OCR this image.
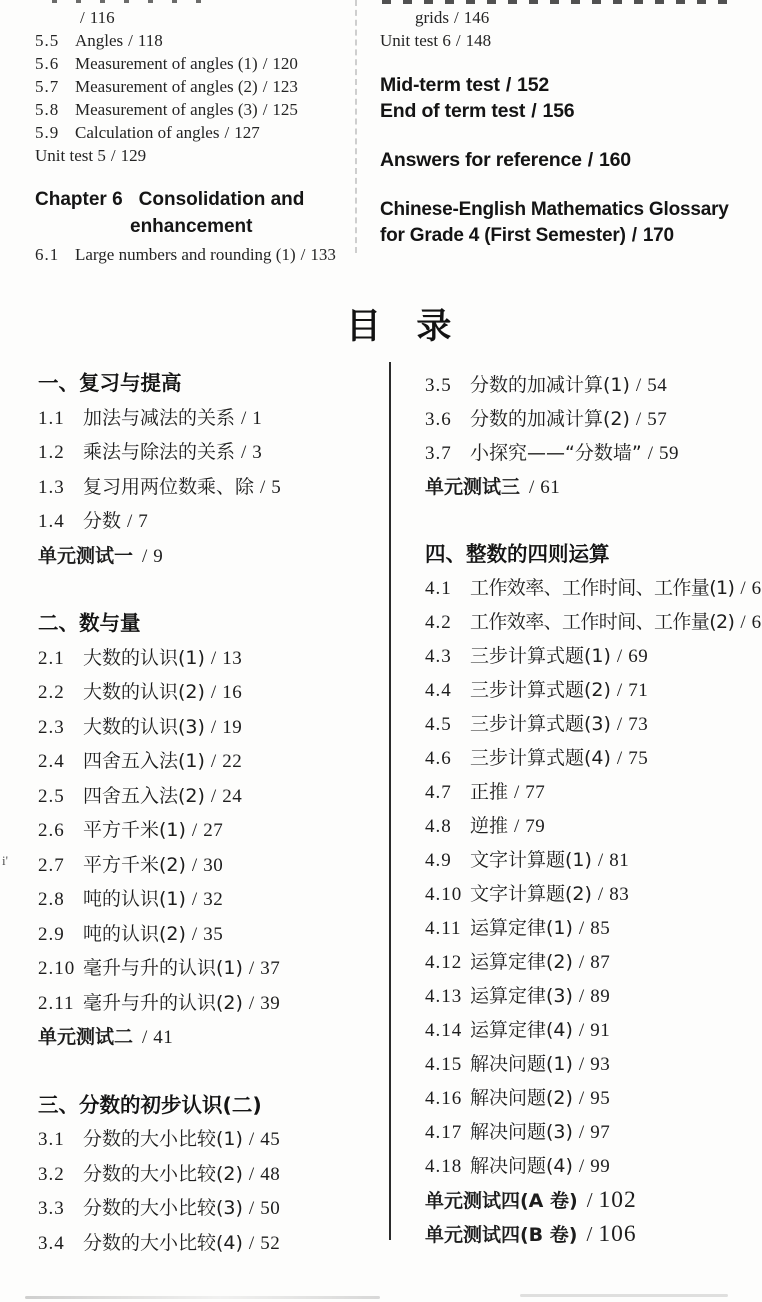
/ 116
5.5 Angles / 118
5.6 Measurement of angles (1) / 120
5.7 Measurement of angles (2) / 123
5.8 Measurement of angles (3) / 125
5.9 Calculation of angles / 127
Unit test 5 / 129
Chapter 6 Consolidation and
enhancement
6.1 Large numbers and rounding (1) / 133
grids / 146
Unit test 6 / 148
Mid-term test / 152
End of term test / 156
Answers for reference / 160
Chinese-English Mathematics Glossary
for Grade 4 (First Semester) / 170
目  录
一、复习与提高
1.1 加法与减法的关系 / 1
1.2 乘法与除法的关系 / 3
1.3 复习用两位数乘、除 / 5
1.4 分数 / 7
单元测试一 / 9
二、数与量
2.1 大数的认识(1) / 13
2.2 大数的认识(2) / 16
2.3 大数的认识(3) / 19
2.4 四舍五入法(1) / 22
2.5 四舍五入法(2) / 24
2.6 平方千米(1) / 27
2.7 平方千米(2) / 30
2.8 吨的认识(1) / 32
2.9 吨的认识(2) / 35
2.10 毫升与升的认识(1) / 37
2.11 毫升与升的认识(2) / 39
单元测试二 / 41
三、分数的初步认识(二)
3.1 分数的大小比较(1) / 45
3.2 分数的大小比较(2) / 48
3.3 分数的大小比较(3) / 50
3.4 分数的大小比较(4) / 52
3.5 分数的加减计算(1) / 54
3.6 分数的加减计算(2) / 57
3.7 小探究——“分数墙” / 59
单元测试三 / 61
四、整数的四则运算
4.1 工作效率、工作时间、工作量(1) / 6
4.2 工作效率、工作时间、工作量(2) / 6
4.3 三步计算式题(1) / 69
4.4 三步计算式题(2) / 71
4.5 三步计算式题(3) / 73
4.6 三步计算式题(4) / 75
4.7 正推 / 77
4.8 逆推 / 79
4.9 文字计算题(1) / 81
4.10 文字计算题(2) / 83
4.11 运算定律(1) / 85
4.12 运算定律(2) / 87
4.13 运算定律(3) / 89
4.14 运算定律(4) / 91
4.15 解决问题(1) / 93
4.16 解决问题(2) / 95
4.17 解决问题(3) / 97
4.18 解决问题(4) / 99
单元测试四(A 卷) / 102
单元测试四(B 卷) / 106
i'
